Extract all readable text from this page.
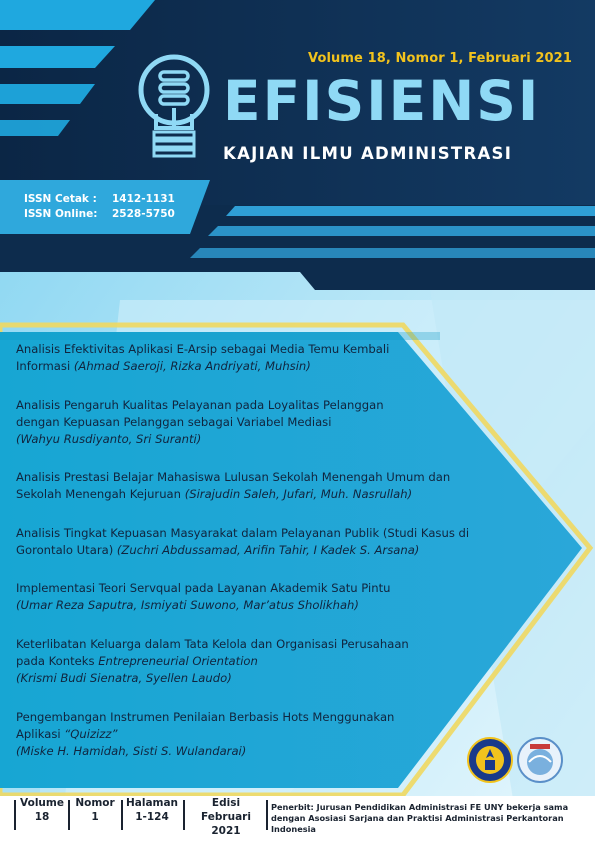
Volume 18, Nomor 1, Februari 2021
EFISIENSI
KAJIAN ILMU ADMINISTRASI
ISSN Cetak : 1412-1131
ISSN Online: 2528-5750
Analisis Efektivitas Aplikasi E-Arsip sebagai Media Temu Kembali Informasi (Ahmad Saeroji, Rizka Andriyati, Muhsin)
Analisis Pengaruh Kualitas Pelayanan pada Loyalitas Pelanggan dengan Kepuasan Pelanggan sebagai Variabel Mediasi
(Wahyu Rusdiyanto, Sri Suranti)
Analisis Prestasi Belajar Mahasiswa Lulusan Sekolah Menengah Umum dan Sekolah Menengah Kejuruan (Sirajudin Saleh, Jufari, Muh. Nasrullah)
Analisis Tingkat Kepuasan Masyarakat dalam Pelayanan Publik (Studi Kasus di Gorontalo Utara) (Zuchri Abdussamad, Arifin Tahir, I Kadek S. Arsana)
Implementasi Teori Servqual pada Layanan Akademik Satu Pintu
(Umar Reza Saputra, Ismiyati Suwono, Mar’atus Sholikhah)
Keterlibatan Keluarga dalam Tata Kelola dan Organisasi Perusahaan pada Konteks Entrepreneurial Orientation
(Krismi Budi Sienatra, Syellen Laudo)
Pengembangan Instrumen Penilaian Berbasis Hots Menggunakan Aplikasi “Quizizz”
(Miske H. Hamidah, Sisti S. Wulandarai)
Volume
18
Nomor
1
Halaman
1-124
Edisi
Februari 2021
Penerbit: Jurusan Pendidikan Administrasi FE UNY bekerja sama
dengan Asosiasi Sarjana dan Praktisi Administrasi Perkantoran Indonesia
